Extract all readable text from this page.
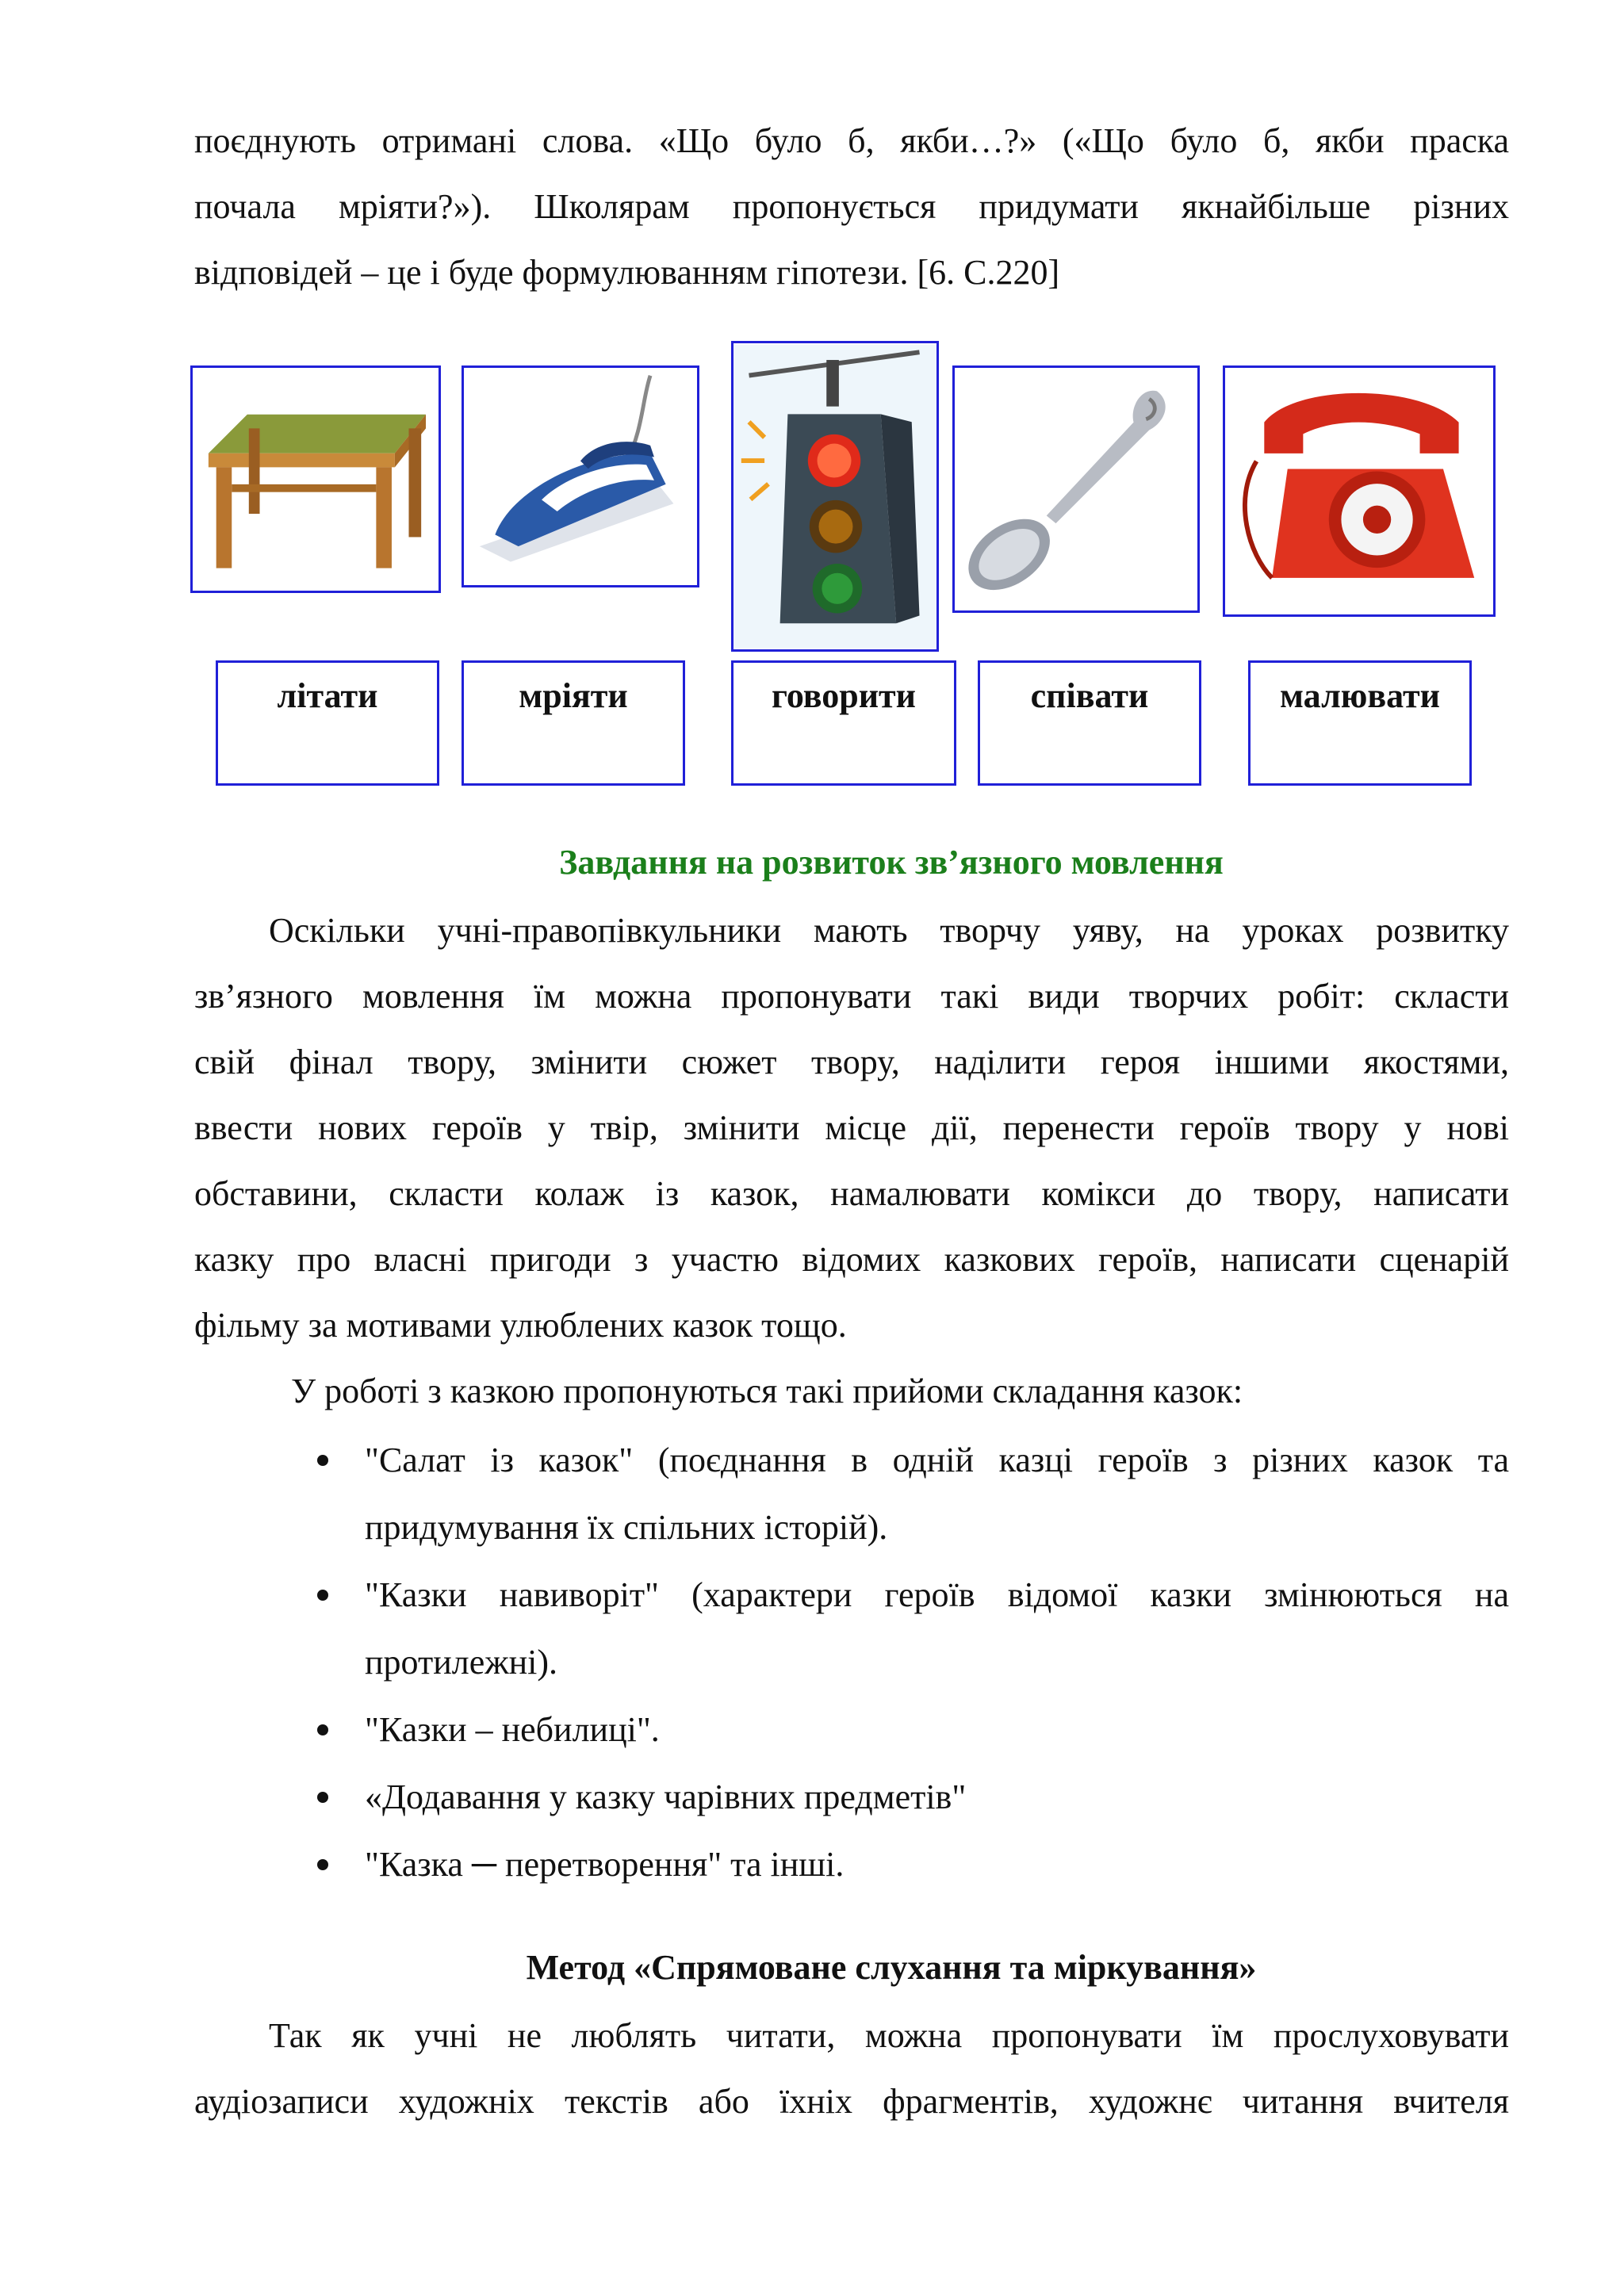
поєднують отримані слова. «Що було б, якби…?» («Що було б, якби праска
почала мріяти?»). Школярам пропонується придумати якнайбільше різних
відповідей – це і буде формулюванням гіпотези. [6. С.220]
літати	мріяти	говорити	співати	малювати
Завдання на розвиток зв’язного мовлення
Оскільки учні-правопівкульники мають творчу уяву, на уроках розвитку
зв’язного мовлення їм можна пропонувати такі види творчих робіт: скласти
свій фінал твору, змінити сюжет твору, наділити героя іншими якостями,
ввести нових героїв у твір, змінити місце дії, перенести героїв твору у нові
обставини, скласти колаж із казок, намалювати комікси до твору, написати
казку про власні пригоди з участю відомих казкових героїв, написати сценарій
фільму за мотивами улюблених казок тощо.
У роботі з казкою пропонуються такі прийоми складання казок:
"Салат із казок" (поєднання в одній казці героїв з різних казок та
придумування їх спільних історій).
"Казки навиворіт" (характери героїв відомої казки змінюються на
протилежні).
"Казки – небилиці".
«Додавання у казку чарівних предметів"
"Казка ─ перетворення" та інші.
Метод «Спрямоване слухання та міркування»
Так як учні не люблять читати, можна пропонувати їм прослуховувати
аудіозаписи художніх текстів або їхніх фрагментів, художнє читання вчителя
